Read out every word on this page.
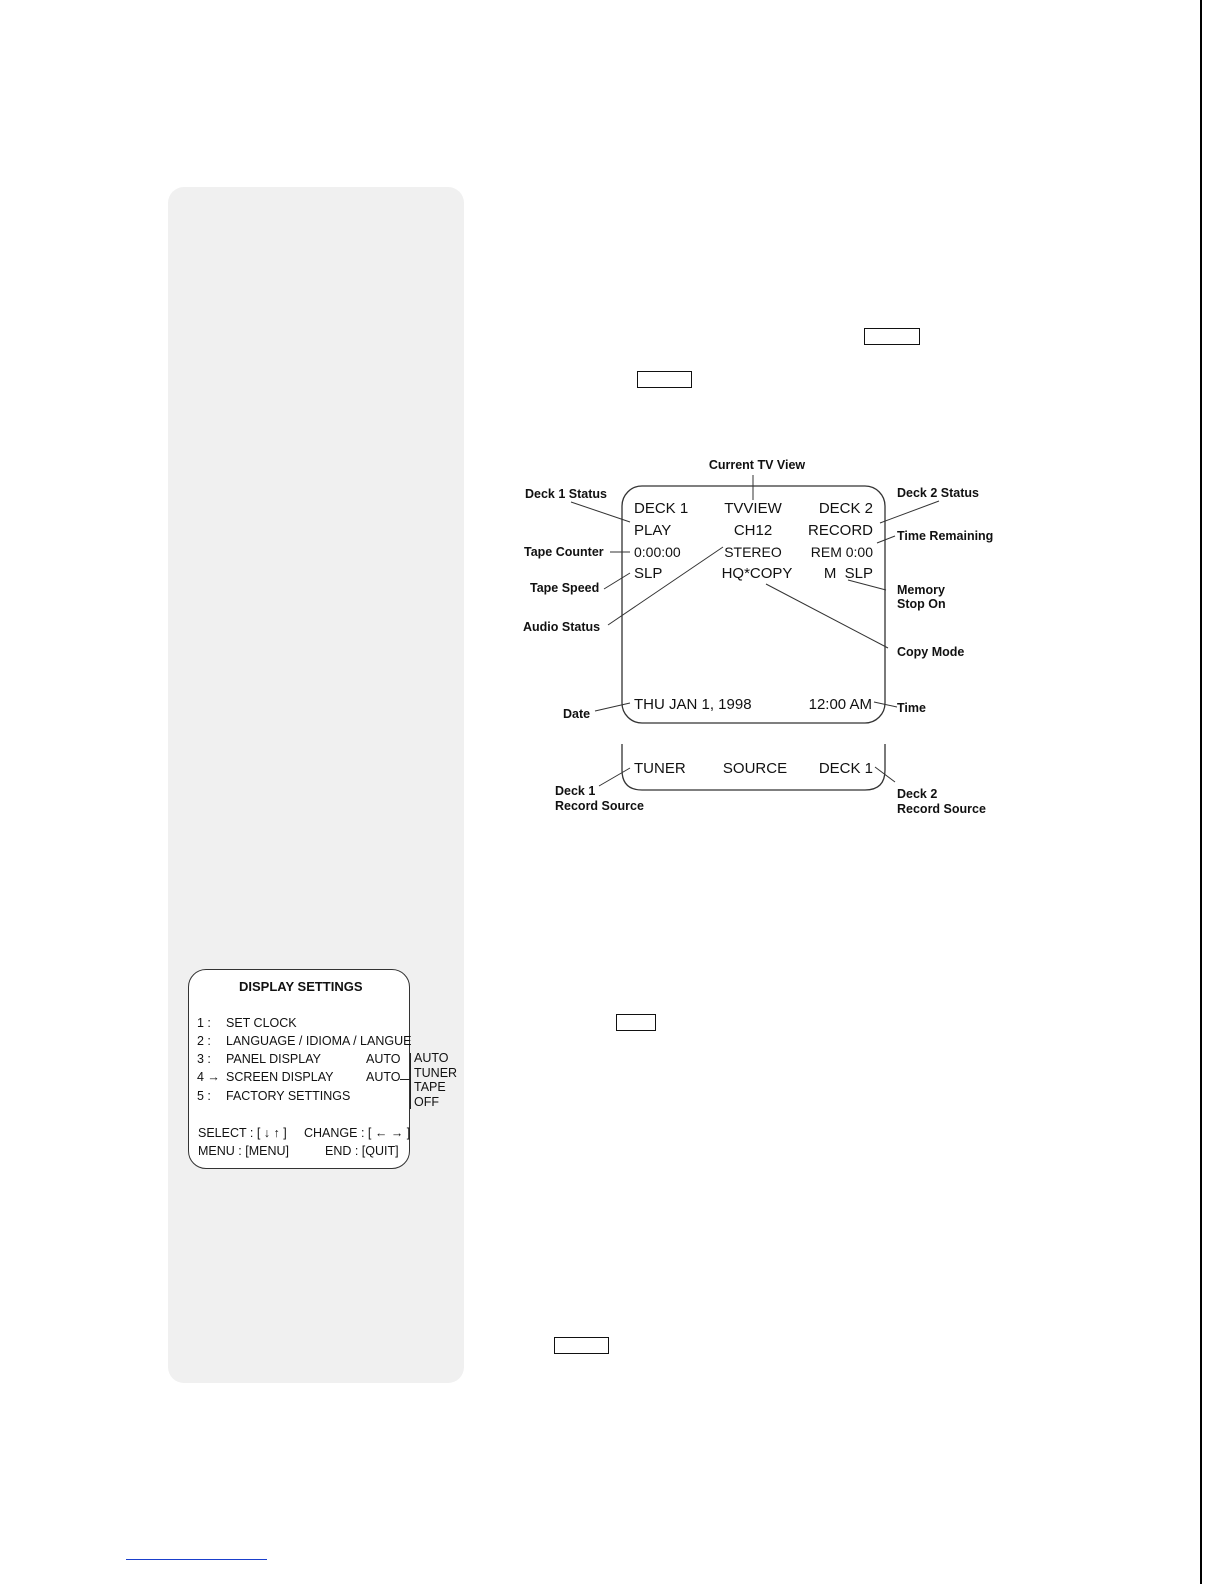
DECK 1 TVVIEW DECK 2
PLAY	CH12 RECORD
0:00:00	STEREO REM 0:00
SLP	HQ*COPY M  SLP
THU JAN 1, 1998	12:00 AM
TUNER SOURCE DECK 1
Current TV View
Deck 1 Status	Deck 2 Status
Time Remaining
Tape Counter
Tape Speed	Memory
Stop On
Audio Status
Copy Mode
Date	Time
Deck 1
Record Source
Deck 2
Record Source
DISPLAY SETTINGS
1 : SET CLOCK
2 : LANGUAGE / IDIOMA / LANGUE
3 : PANEL DISPLAY	AUTO
4 → SCREEN DISPLAY	AUTO
5 : FACTORY SETTINGS
SELECT : [ ↓ ↑ ] CHANGE : [ ← → ]
MENU : [MENU]	END : [QUIT]
AUTO
TUNER
TAPE
OFF
